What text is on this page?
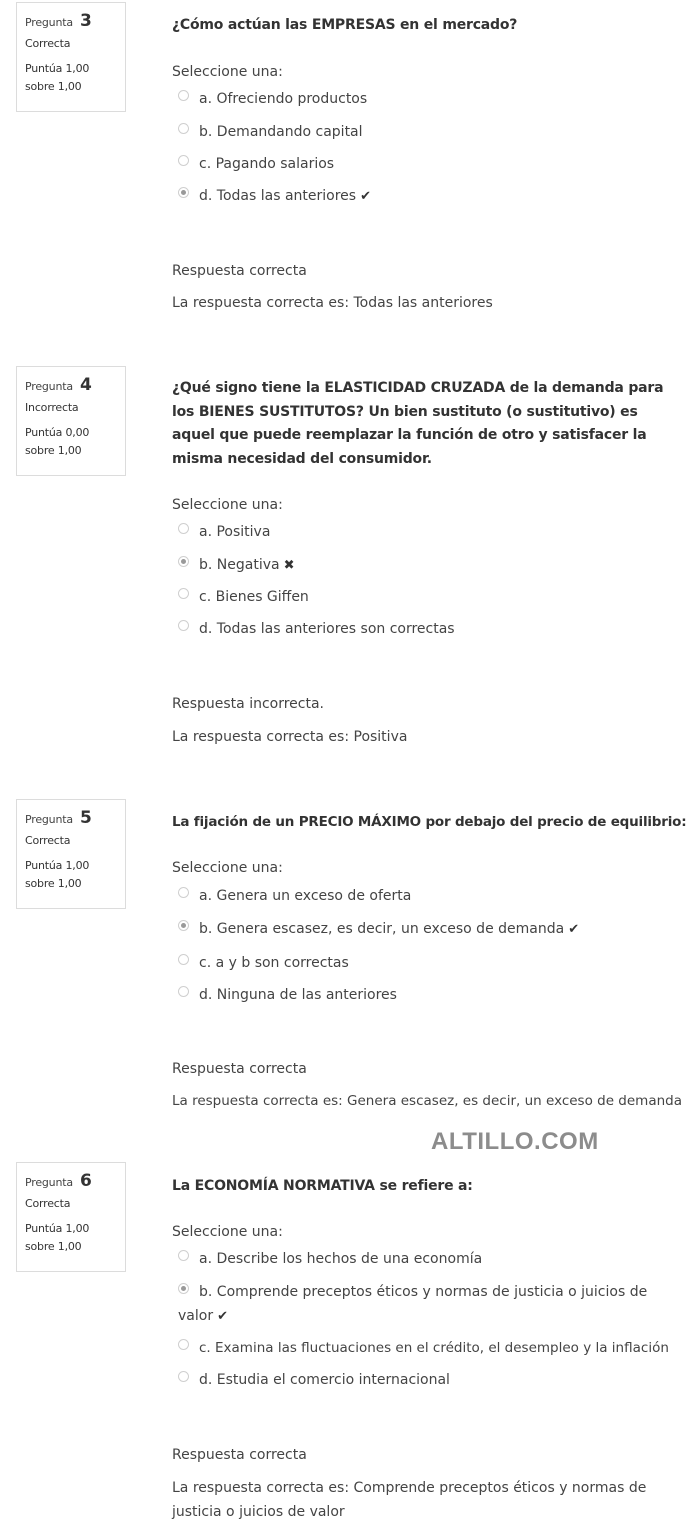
Pregunta 3
Correcta
Puntúa 1,00 sobre 1,00
¿Cómo actúan las EMPRESAS en el mercado?
Seleccione una:
a. Ofreciendo productos
b. Demandando capital
c. Pagando salarios
d. Todas las anteriores ✔
Respuesta correcta
La respuesta correcta es: Todas las anteriores
Pregunta 4
Incorrecta
Puntúa 0,00 sobre 1,00
¿Qué signo tiene la ELASTICIDAD CRUZADA de la demanda para los BIENES SUSTITUTOS? Un bien sustituto (o sustitutivo) es aquel que puede reemplazar la función de otro y satisfacer la misma necesidad del consumidor.
Seleccione una:
a. Positiva
b. Negativa ✖
c. Bienes Giffen
d. Todas las anteriores son correctas
Respuesta incorrecta.
La respuesta correcta es: Positiva
Pregunta 5
Correcta
Puntúa 1,00 sobre 1,00
La fijación de un PRECIO MÁXIMO por debajo del precio de equilibrio:
Seleccione una:
a. Genera un exceso de oferta
b. Genera escasez, es decir, un exceso de demanda ✔
c. a y b son correctas
d. Ninguna de las anteriores
Respuesta correcta
La respuesta correcta es: Genera escasez, es decir, un exceso de demanda
ALTILLO.COM
Pregunta 6
Correcta
Puntúa 1,00 sobre 1,00
La ECONOMÍA NORMATIVA se refiere a:
Seleccione una:
a. Describe los hechos de una economía
b. Comprende preceptos éticos y normas de justicia o juicios de valor ✔
c. Examina las fluctuaciones en el crédito, el desempleo y la inflación
d. Estudia el comercio internacional
Respuesta correcta
La respuesta correcta es: Comprende preceptos éticos y normas de justicia o juicios de valor
